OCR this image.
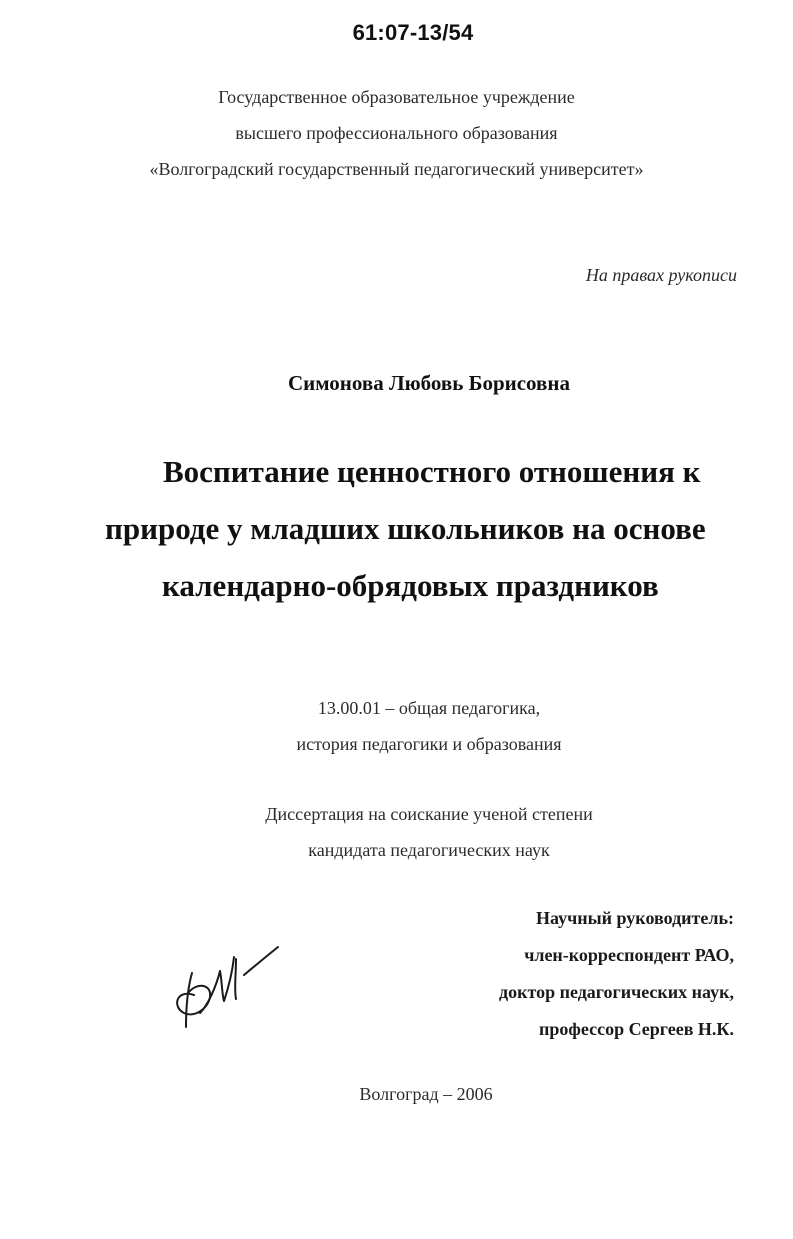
61:07-13/54
Государственное образовательное учреждение
высшего профессионального образования
«Волгоградский государственный педагогический университет»
На правах рукописи
Симонова Любовь Борисовна
Воспитание ценностного отношения к
природе у младших школьников на основе
календарно-обрядовых праздников
13.00.01 – общая педагогика,
история педагогики и образования
Диссертация на соискание ученой степени
кандидата педагогических наук
Научный руководитель:
член-корреспондент РАО,
доктор педагогических наук,
профессор Сергеев Н.К.
Волгоград – 2006
